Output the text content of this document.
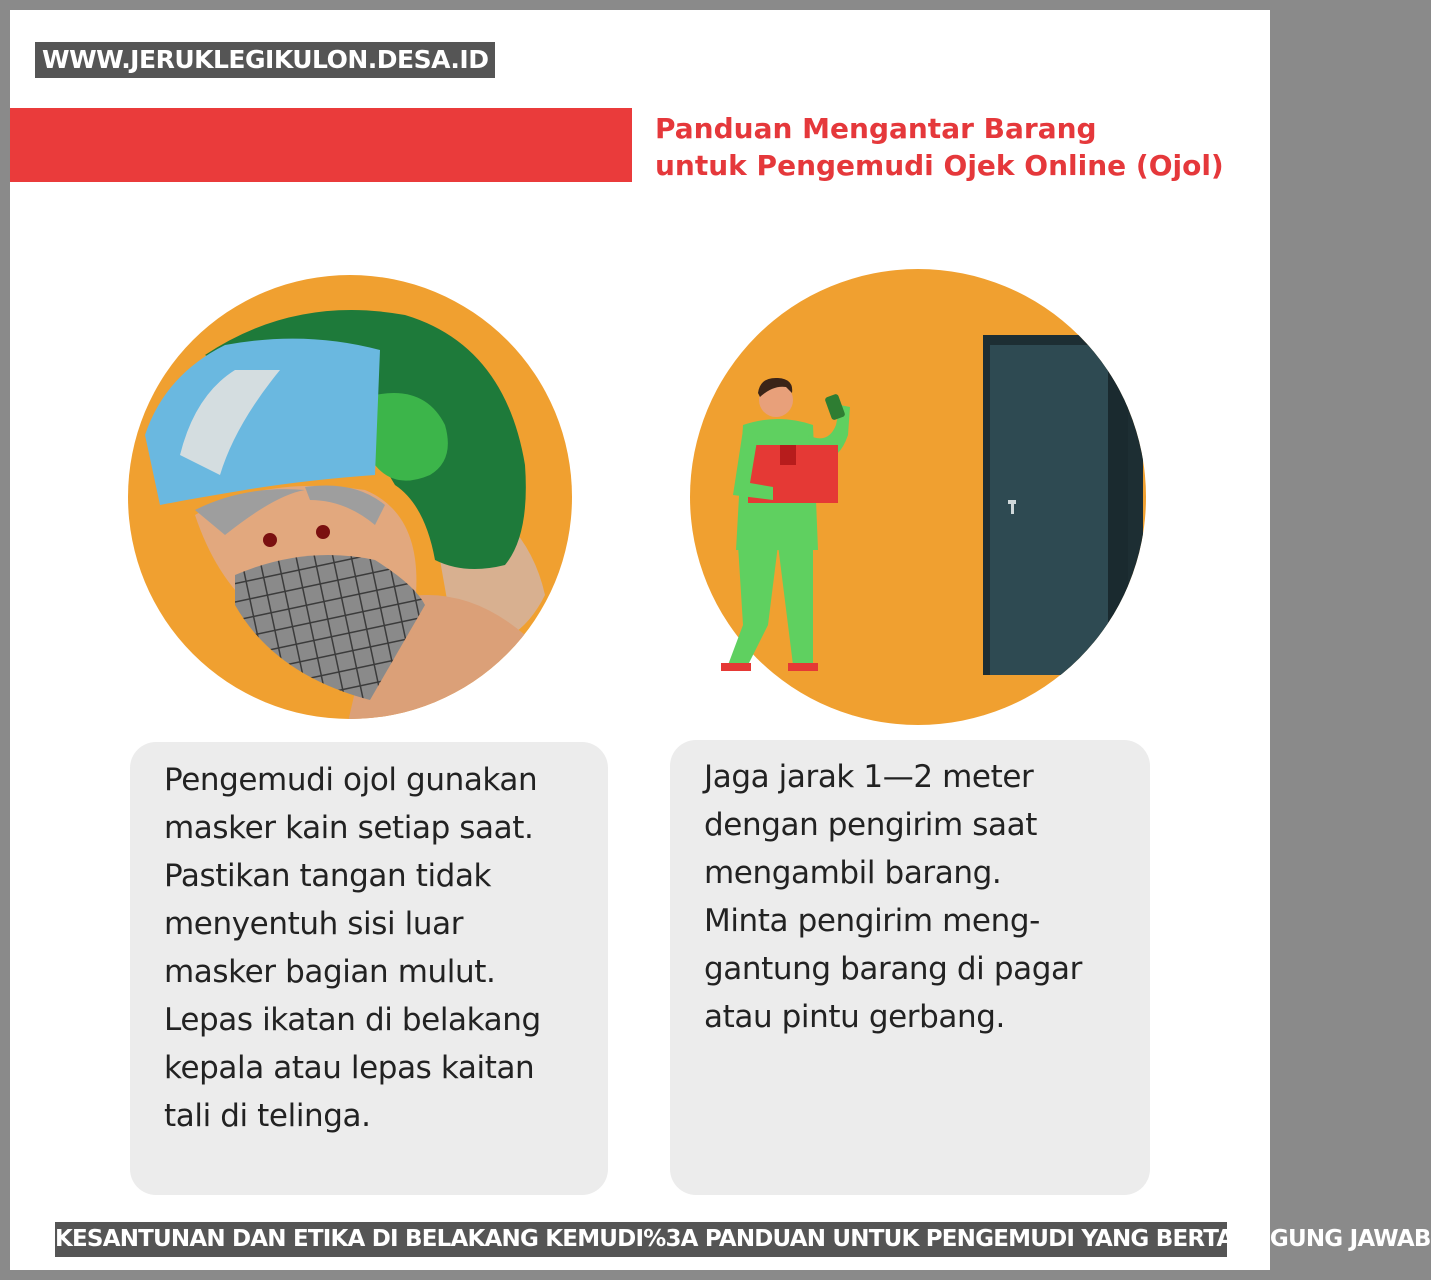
WWW.JERUKLEGIKULON.DESA.ID
Panduan Mengantar Barang
untuk Pengemudi Ojek Online (Ojol)
Pengemudi ojol gunakan
masker kain setiap saat.
Pastikan tangan tidak
menyentuh sisi luar
masker bagian mulut.
Lepas ikatan di belakang
kepala atau lepas kaitan
tali di telinga.
Jaga jarak 1—2 meter
dengan pengirim saat
mengambil barang.
Minta pengirim meng-
gantung barang di pagar
atau pintu gerbang.
KESANTUNAN DAN ETIKA DI BELAKANG KEMUDI%3A PANDUAN UNTUK PENGEMUDI YANG BERTANGGUNG JAWAB
